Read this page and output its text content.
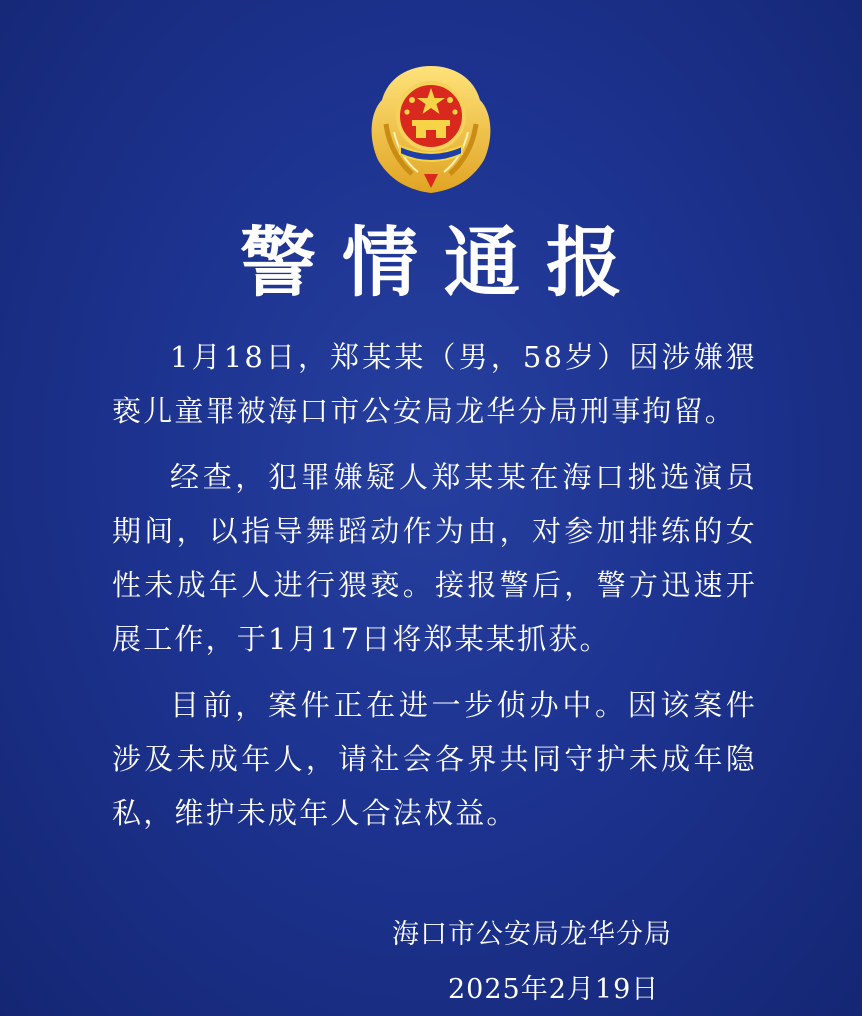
警情通报

1月18日，郑某某（男，58岁）因涉嫌猥亵儿童罪被海口市公安局龙华分局刑事拘留。

经查，犯罪嫌疑人郑某某在海口挑选演员期间，以指导舞蹈动作为由，对参加排练的女性未成年人进行猥亵。接报警后，警方迅速开展工作，于1月17日将郑某某抓获。

目前，案件正在进一步侦办中。因该案件涉及未成年人，请社会各界共同守护未成年隐私，维护未成年人合法权益。

海口市公安局龙华分局
2025年2月19日
